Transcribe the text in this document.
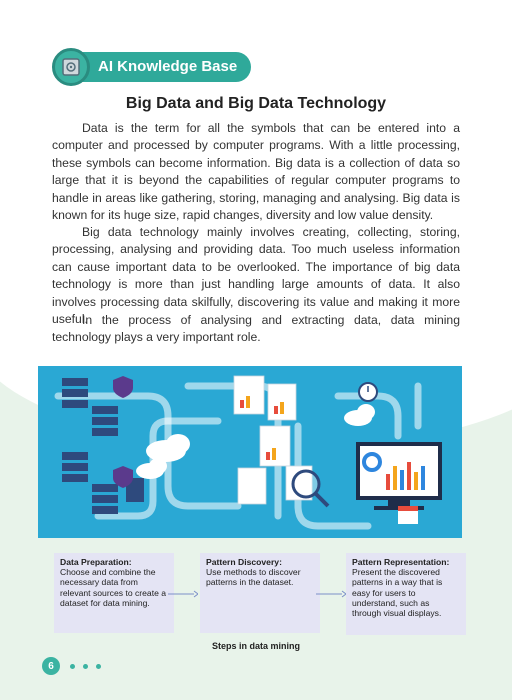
AI Knowledge Base
Big Data and Big Data Technology

Data is the term for all the symbols that can be entered into a computer and processed by computer programs. With a little processing, these symbols can become information. Big data is a collection of data so large that it is beyond the capabilities of regular computer programs to handle in areas like gathering, storing, managing and analysing. Big data is known for its huge size, rapid changes, diversity and low value density.

Big data technology mainly involves creating, collecting, storing, processing, analysing and providing data. Too much useless information can cause important data to be overlooked. The importance of big data technology is more than just handling large amounts of data. It also involves processing data skilfully, discovering its value and making it more useful.

In the process of analysing and extracting data, data mining technology plays a very important role.

Data Preparation:
Choose and combine the necessary data from relevant sources to create a dataset for data mining.
Pattern Discovery:
Use methods to discover patterns in the dataset.
Pattern Representation:
Present the discovered patterns in a way that is easy for users to understand, such as through visual displays.
Steps in data mining
6
